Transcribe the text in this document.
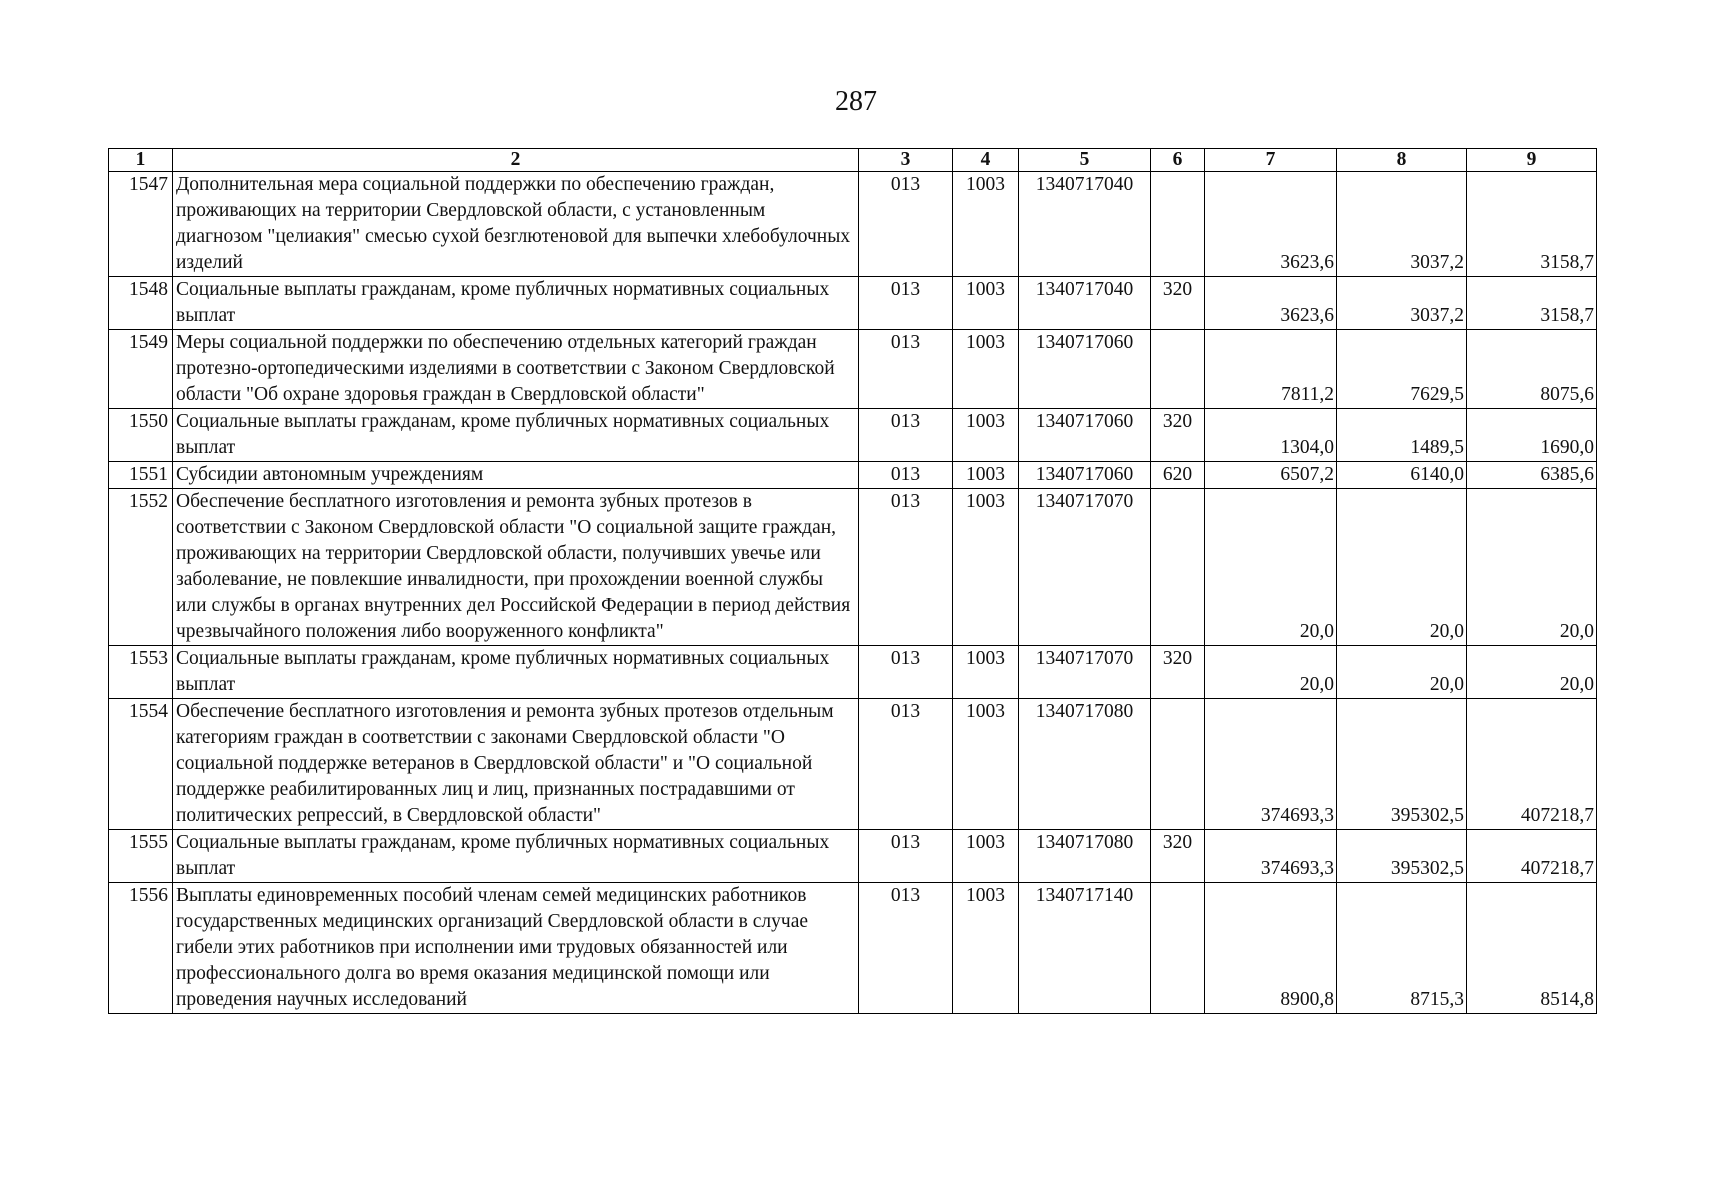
287
1	2	3	4	5	6	7	8	9
1547	Дополнительная мера социальной поддержки по обеспечению граждан, проживающих на территории Свердловской области, с установленным диагнозом "целиакия" смесью сухой безглютеновой для выпечки хлебобулочных изделий	013	1003	1340717040		3623,6	3037,2	3158,7
1548	Социальные выплаты гражданам, кроме публичных нормативных социальных выплат	013	1003	1340717040	320	3623,6	3037,2	3158,7
1549	Меры социальной поддержки по обеспечению отдельных категорий граждан протезно-ортопедическими изделиями в соответствии с Законом Свердловской области "Об охране здоровья граждан в Свердловской области"	013	1003	1340717060		7811,2	7629,5	8075,6
1550	Социальные выплаты гражданам, кроме публичных нормативных социальных выплат	013	1003	1340717060	320	1304,0	1489,5	1690,0
1551	Субсидии автономным учреждениям	013	1003	1340717060	620	6507,2	6140,0	6385,6
1552	Обеспечение бесплатного изготовления и ремонта зубных протезов в соответствии с Законом Свердловской области "О социальной защите граждан, проживающих на территории Свердловской области, получивших увечье или заболевание, не повлекшие инвалидности, при прохождении военной службы или службы в органах внутренних дел Российской Федерации в период действия чрезвычайного положения либо вооруженного конфликта"	013	1003	1340717070		20,0	20,0	20,0
1553	Социальные выплаты гражданам, кроме публичных нормативных социальных выплат	013	1003	1340717070	320	20,0	20,0	20,0
1554	Обеспечение бесплатного изготовления и ремонта зубных протезов отдельным категориям граждан в соответствии с законами Свердловской области "О социальной поддержке ветеранов в Свердловской области" и "О социальной поддержке реабилитированных лиц и лиц, признанных пострадавшими от политических репрессий, в Свердловской области"	013	1003	1340717080		374693,3	395302,5	407218,7
1555	Социальные выплаты гражданам, кроме публичных нормативных социальных выплат	013	1003	1340717080	320	374693,3	395302,5	407218,7
1556	Выплаты единовременных пособий членам семей медицинских работников государственных медицинских организаций Свердловской области в случае гибели этих работников при исполнении ими трудовых обязанностей или профессионального долга во время оказания медицинской помощи или проведения научных исследований	013	1003	1340717140		8900,8	8715,3	8514,8
